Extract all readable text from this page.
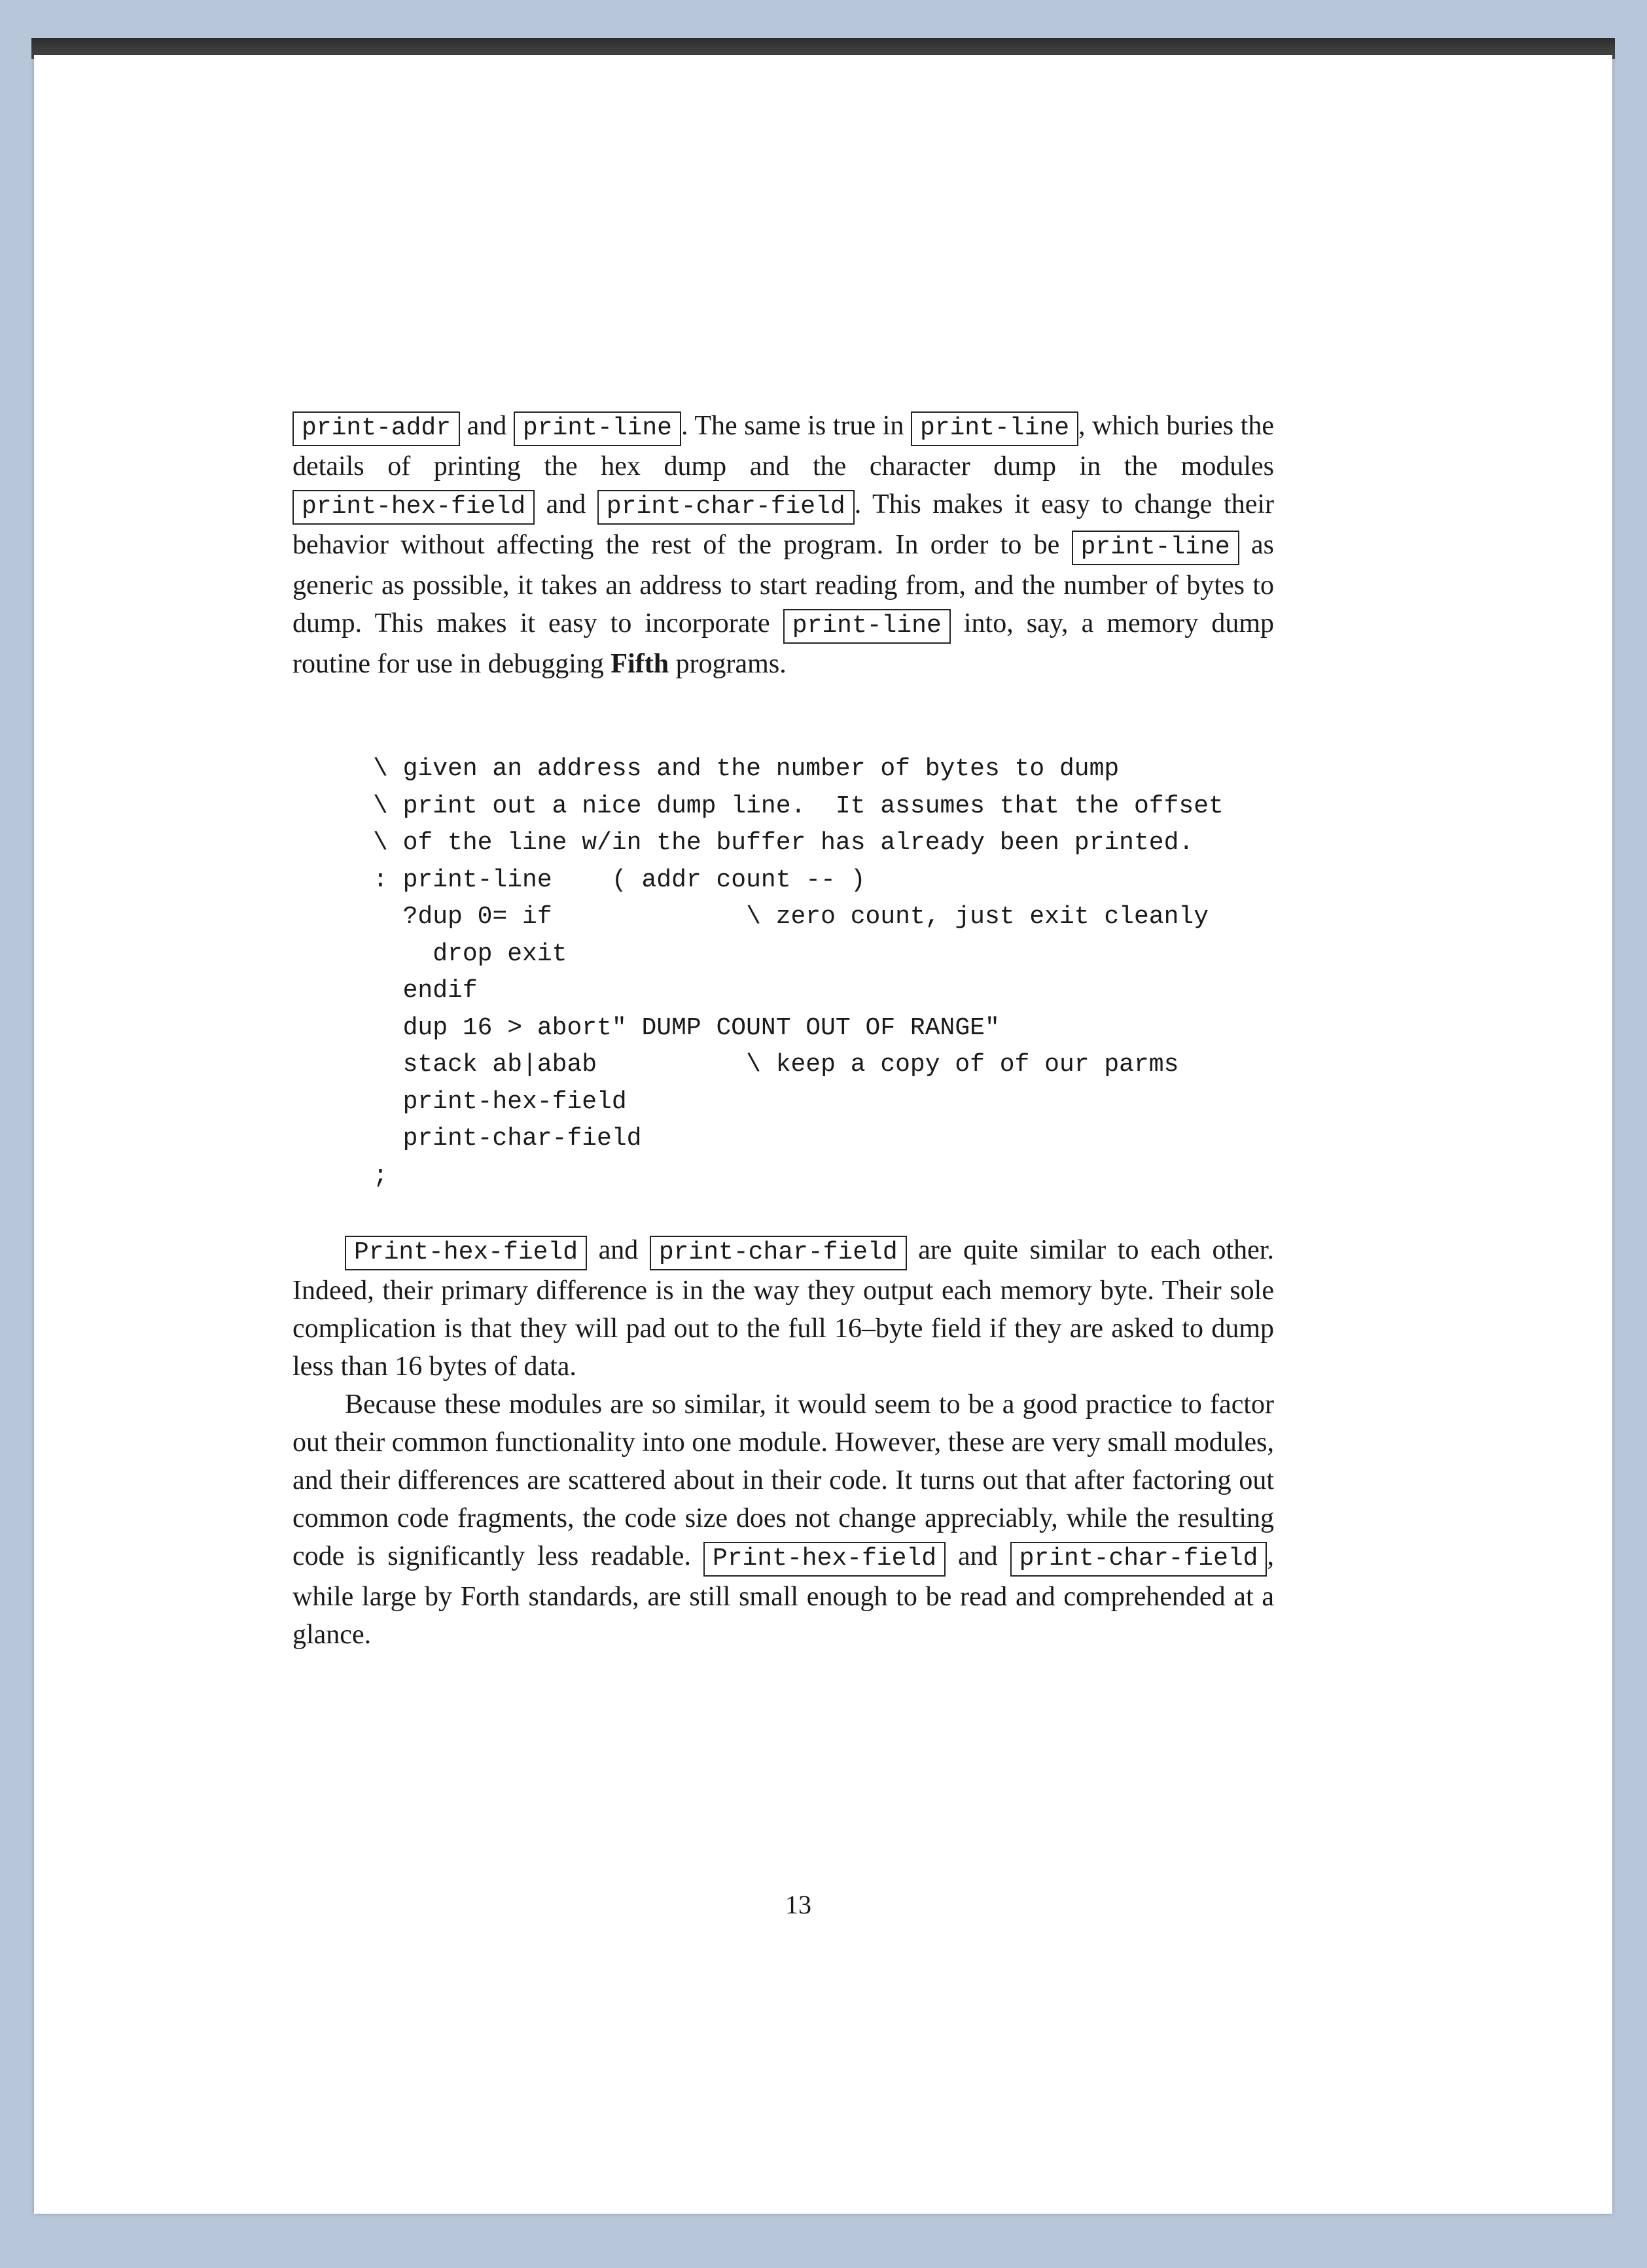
print-addr and print-line . The same is true in print-line , which buries the details of printing the hex dump and the character dump in the modules print-hex-field and print-char-field . This makes it easy to change their behavior without affecting the rest of the program. In order to be print-line as generic as possible, it takes an address to start reading from, and the number of bytes to dump. This makes it easy to incorporate print-line into, say, a memory dump routine for use in debugging Fifth programs.
\ given an address and the number of bytes to dump
\ print out a nice dump line.  It assumes that the offset
\ of the line w/in the buffer has already been printed.
: print-line    ( addr count -- )
?dup 0= if             \ zero count, just exit cleanly
drop exit
endif
dup 16 > abort" DUMP COUNT OUT OF RANGE"
stack ab|abab          \ keep a copy of of our parms
print-hex-field
print-char-field
;

Print-hex-field and print-char-field are quite similar to each other. Indeed, their primary difference is in the way they output each memory byte. Their sole complication is that they will pad out to the full 16–byte field if they are asked to dump less than 16 bytes of data.

Because these modules are so similar, it would seem to be a good practice to factor out their common functionality into one module. However, these are very small modules, and their differences are scattered about in their code. It turns out that after factoring out common code fragments, the code size does not change appreciably, while the resulting code is significantly less readable. Print-hex-field and print-char-field , while large by Forth standards, are still small enough to be read and comprehended at a glance.

13
